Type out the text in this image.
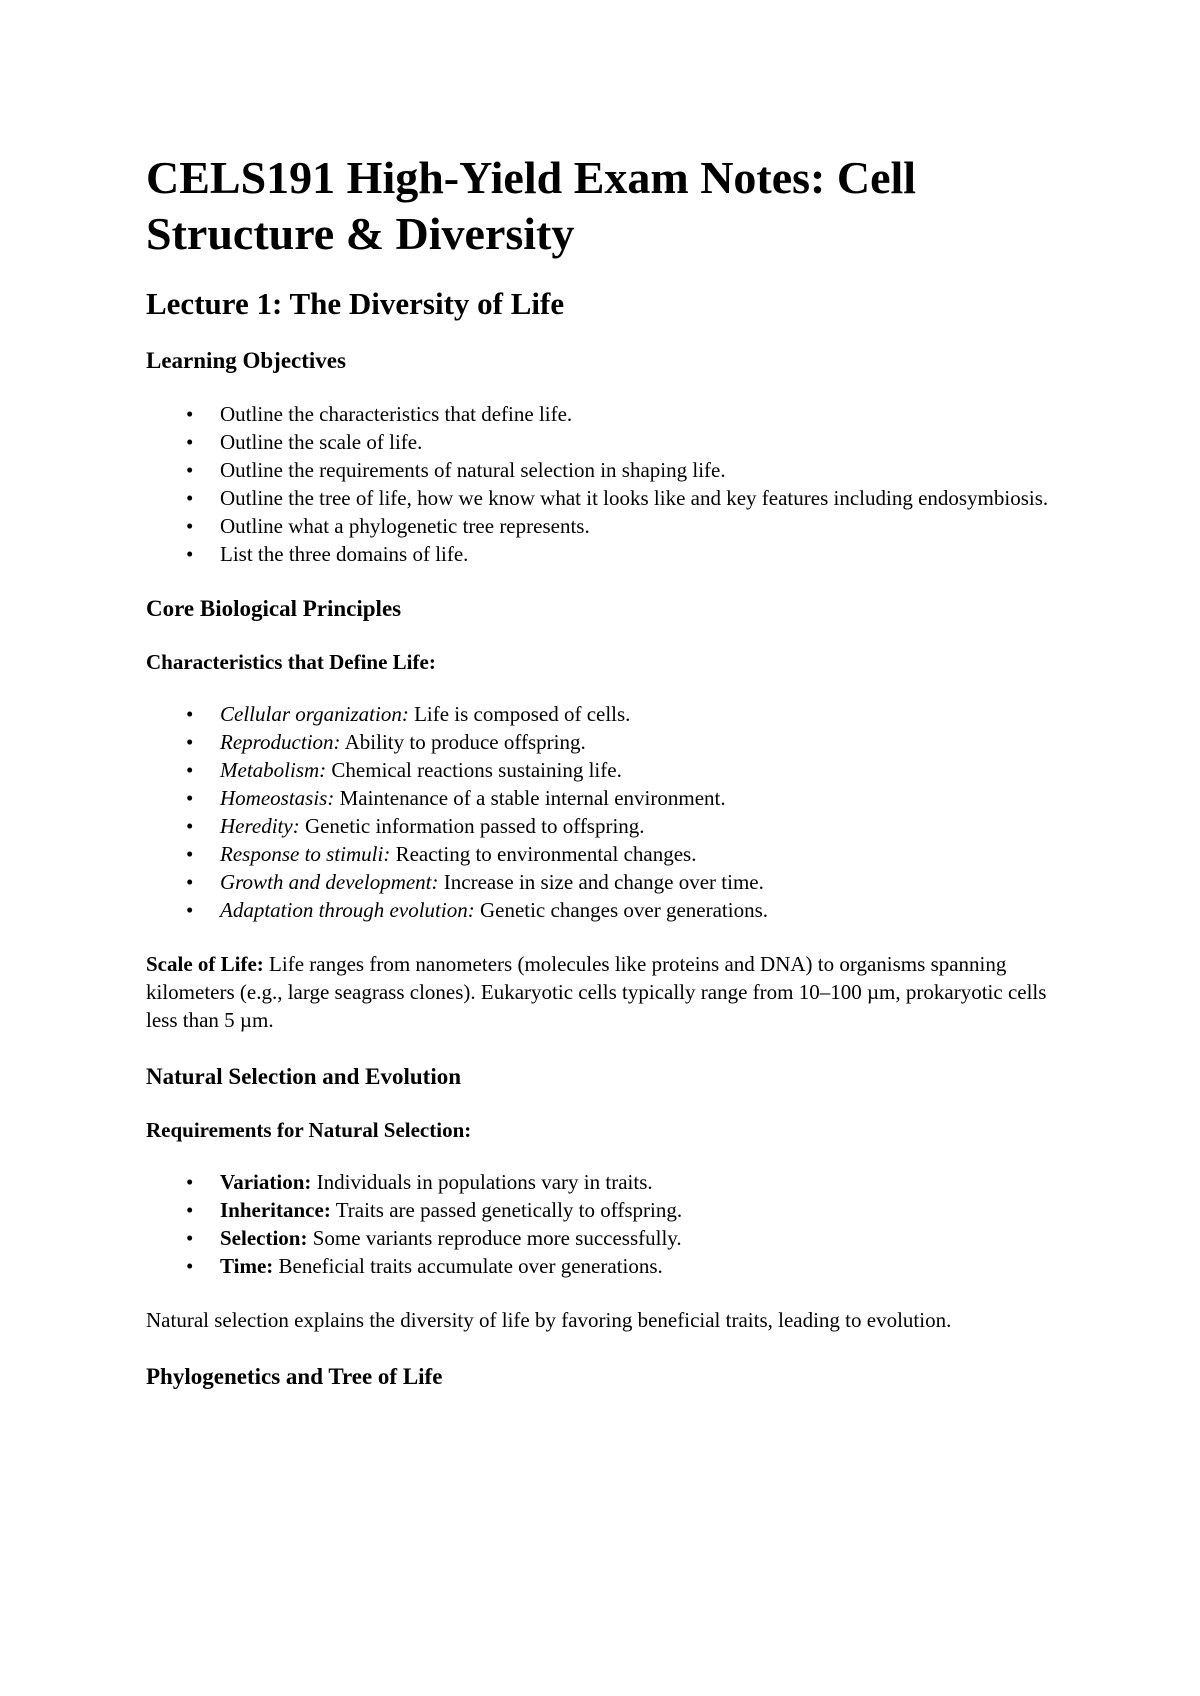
CELS191 High-Yield Exam Notes: Cell Structure & Diversity
Lecture 1: The Diversity of Life
Learning Objectives
• Outline the characteristics that define life.
• Outline the scale of life.
• Outline the requirements of natural selection in shaping life.
• Outline the tree of life, how we know what it looks like and key features including endosymbiosis.
• Outline what a phylogenetic tree represents.
• List the three domains of life.
Core Biological Principles
Characteristics that Define Life:
• Cellular organization: Life is composed of cells.
• Reproduction: Ability to produce offspring.
• Metabolism: Chemical reactions sustaining life.
• Homeostasis: Maintenance of a stable internal environment.
• Heredity: Genetic information passed to offspring.
• Response to stimuli: Reacting to environmental changes.
• Growth and development: Increase in size and change over time.
• Adaptation through evolution: Genetic changes over generations.

Scale of Life: Life ranges from nanometers (molecules like proteins and DNA) to organisms spanning kilometers (e.g., large seagrass clones). Eukaryotic cells typically range from 10–100 µm, prokaryotic cells less than 5 µm.

Natural Selection and Evolution
Requirements for Natural Selection:
• Variation: Individuals in populations vary in traits.
• Inheritance: Traits are passed genetically to offspring.
• Selection: Some variants reproduce more successfully.
• Time: Beneficial traits accumulate over generations.

Natural selection explains the diversity of life by favoring beneficial traits, leading to evolution.

Phylogenetics and Tree of Life
